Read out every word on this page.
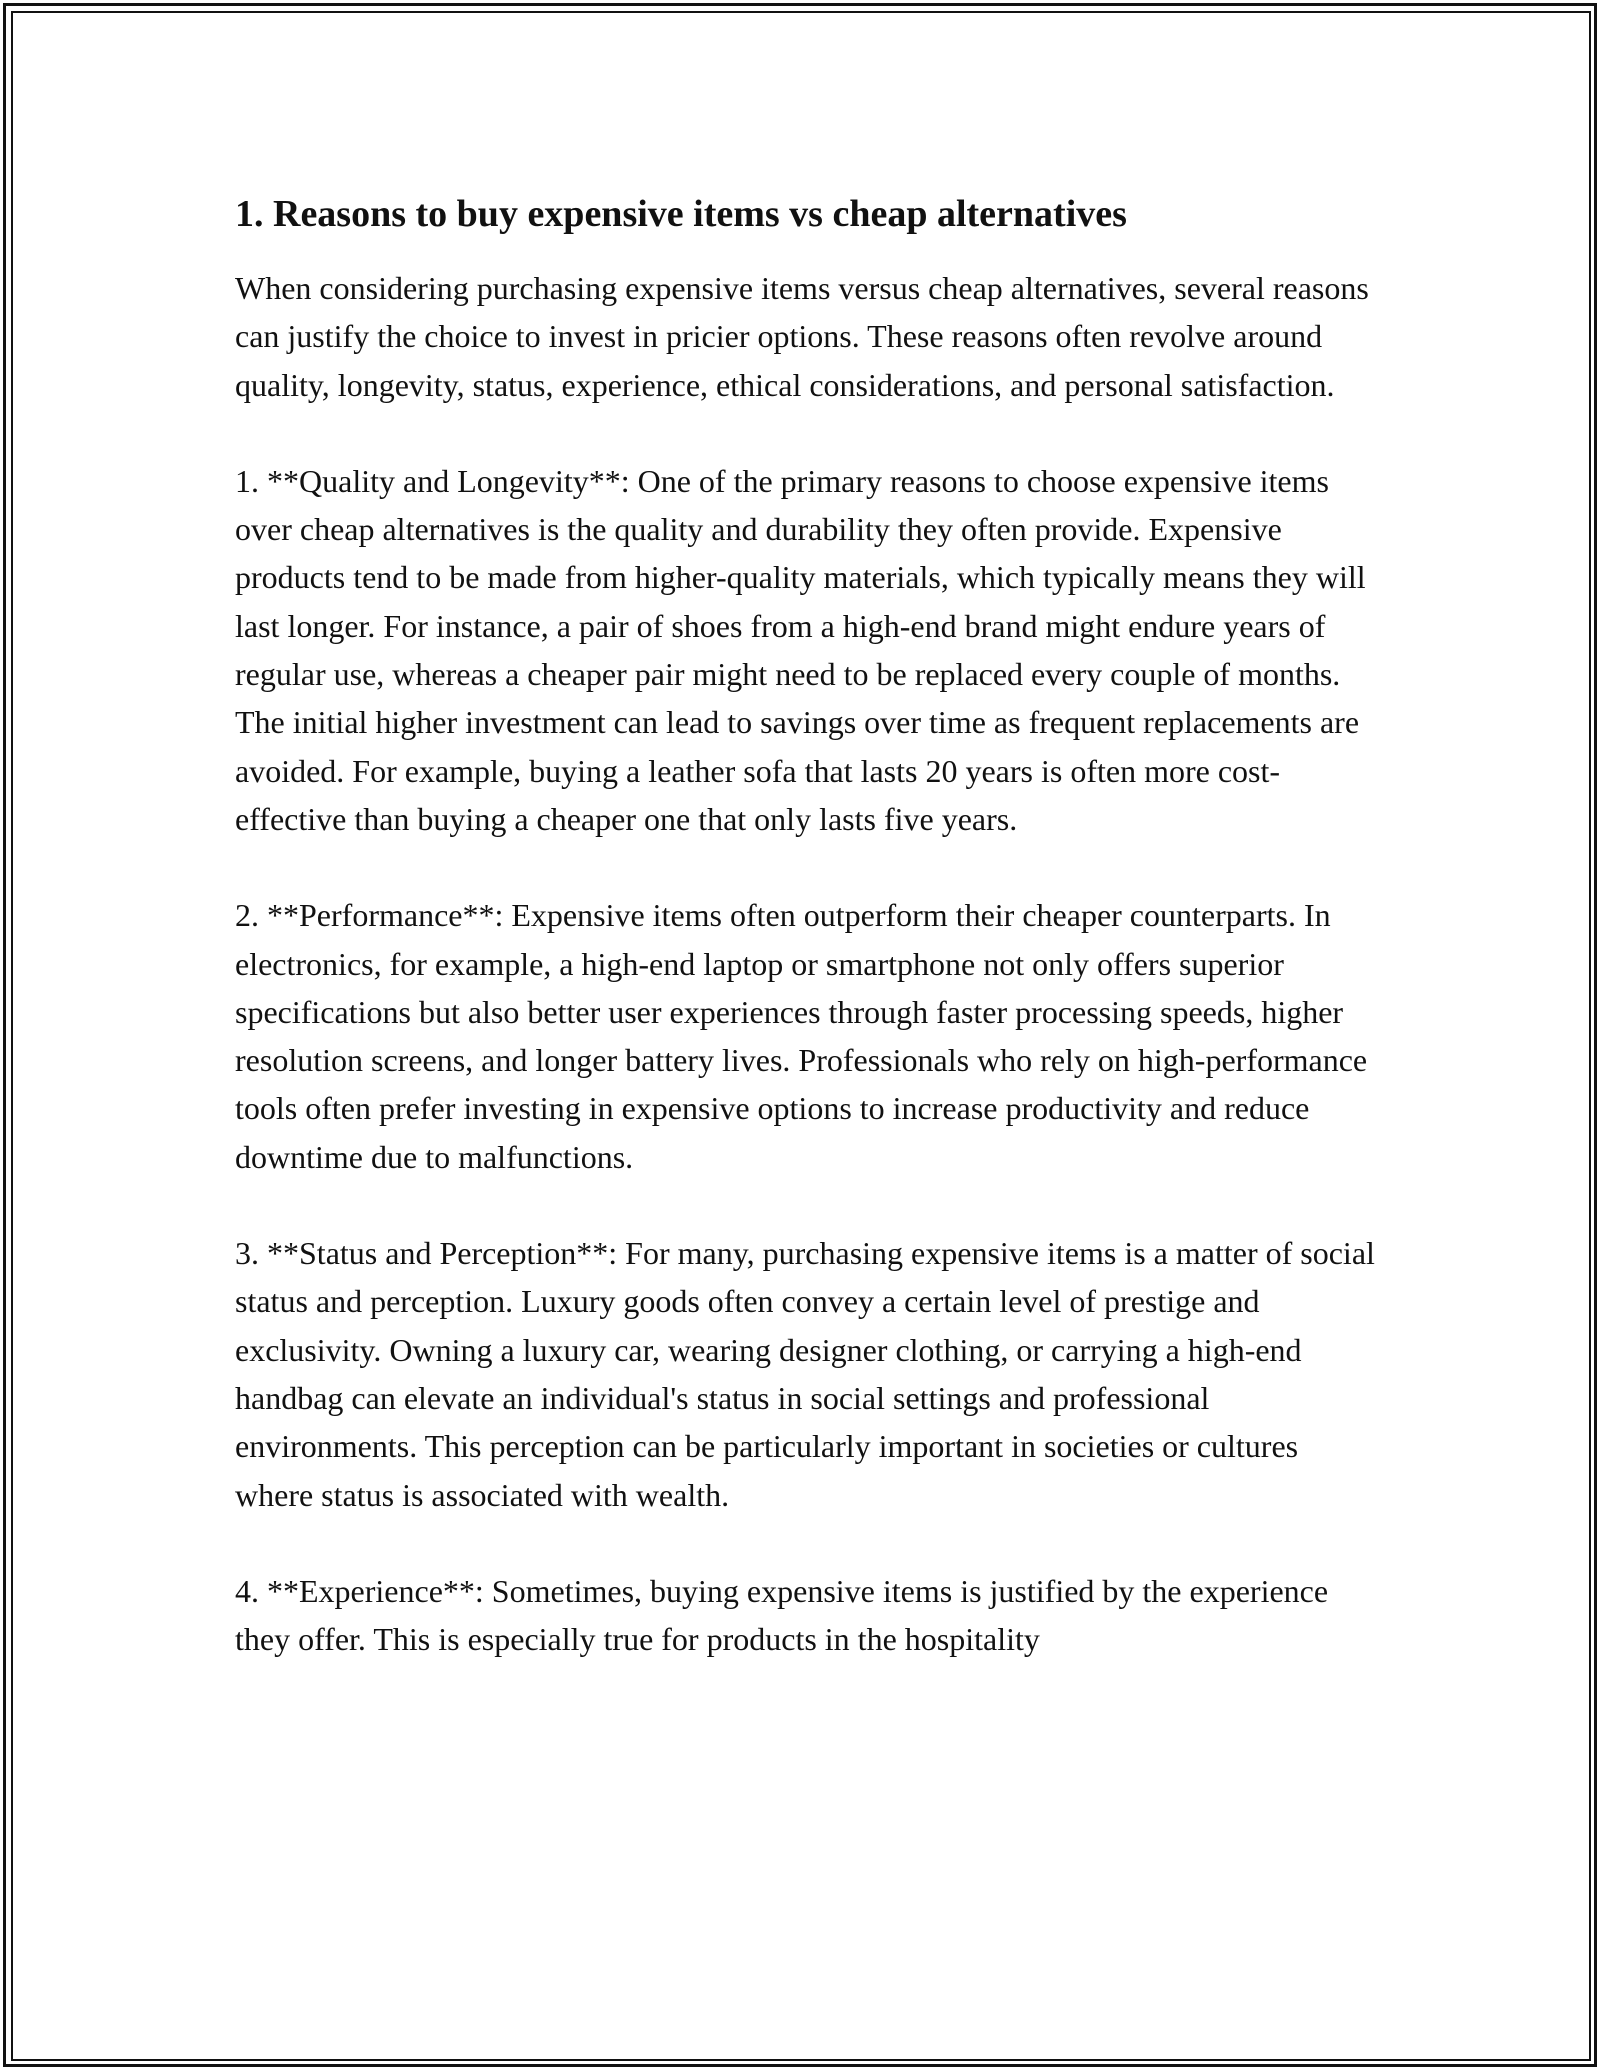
1. Reasons to buy expensive items vs cheap alternatives

When considering purchasing expensive items versus cheap alternatives, several reasons can justify the choice to invest in pricier options. These reasons often revolve around quality, longevity, status, experience, ethical considerations, and personal satisfaction.

1. **Quality and Longevity**: One of the primary reasons to choose expensive items over cheap alternatives is the quality and durability they often provide. Expensive products tend to be made from higher-quality materials, which typically means they will last longer. For instance, a pair of shoes from a high-end brand might endure years of regular use, whereas a cheaper pair might need to be replaced every couple of months. The initial higher investment can lead to savings over time as frequent replacements are avoided. For example, buying a leather sofa that lasts 20 years is often more cost-effective than buying a cheaper one that only lasts five years.

2. **Performance**: Expensive items often outperform their cheaper counterparts. In electronics, for example, a high-end laptop or smartphone not only offers superior specifications but also better user experiences through faster processing speeds, higher resolution screens, and longer battery lives. Professionals who rely on high-performance tools often prefer investing in expensive options to increase productivity and reduce downtime due to malfunctions.

3. **Status and Perception**: For many, purchasing expensive items is a matter of social status and perception. Luxury goods often convey a certain level of prestige and exclusivity. Owning a luxury car, wearing designer clothing, or carrying a high-end handbag can elevate an individual's status in social settings and professional environments. This perception can be particularly important in societies or cultures where status is associated with wealth.

4. **Experience**: Sometimes, buying expensive items is justified by the experience they offer. This is especially true for products in the hospitality
